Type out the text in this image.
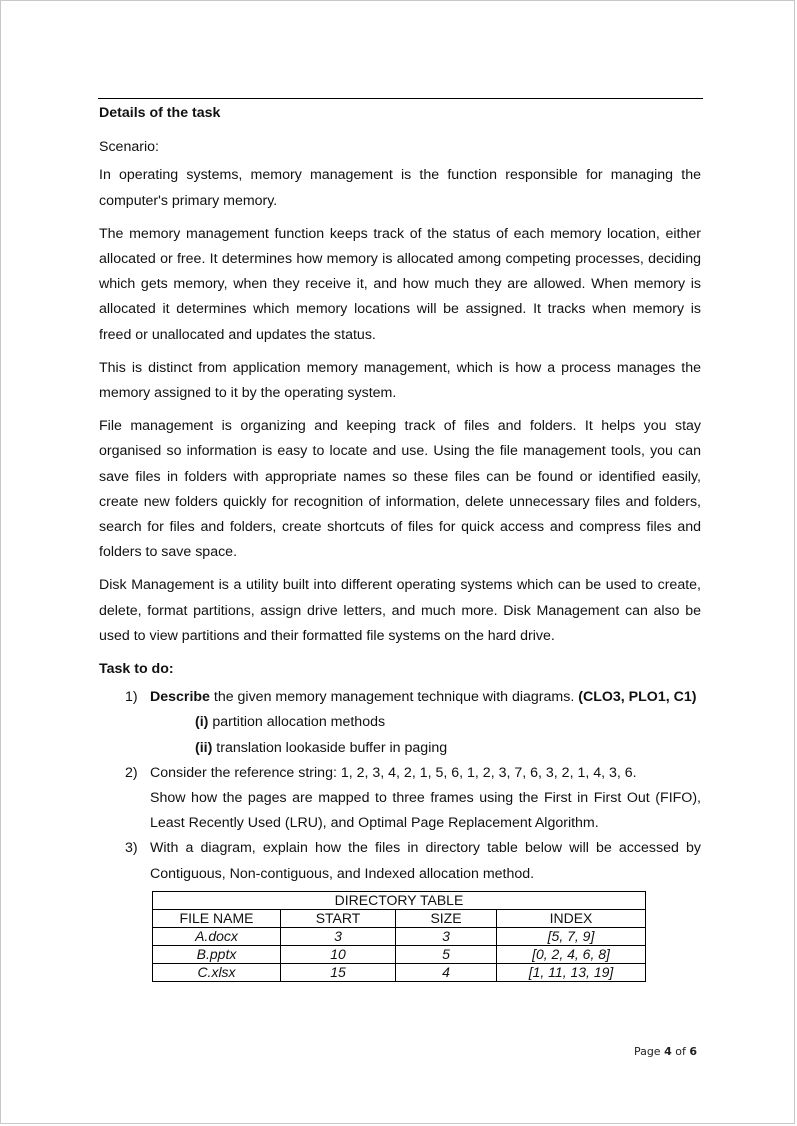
Details of the task

Scenario:

In operating systems, memory management is the function responsible for managing the computer's primary memory.

The memory management function keeps track of the status of each memory location, either allocated or free. It determines how memory is allocated among competing processes, deciding which gets memory, when they receive it, and how much they are allowed. When memory is allocated it determines which memory locations will be assigned. It tracks when memory is freed or unallocated and updates the status.

This is distinct from application memory management, which is how a process manages the memory assigned to it by the operating system.

File management is organizing and keeping track of files and folders. It helps you stay organised so information is easy to locate and use. Using the file management tools, you can save files in folders with appropriate names so these files can be found or identified easily, create new folders quickly for recognition of information, delete unnecessary files and folders, search for files and folders, create shortcuts of files for quick access and compress files and folders to save space.

Disk Management is a utility built into different operating systems which can be used to create, delete, format partitions, assign drive letters, and much more. Disk Management can also be used to view partitions and their formatted file systems on the hard drive.

Task to do:

1) Describe the given memory management technique with diagrams. (CLO3, PLO1, C1)
(i) partition allocation methods
(ii) translation lookaside buffer in paging
2) Consider the reference string: 1, 2, 3, 4, 2, 1, 5, 6, 1, 2, 3, 7, 6, 3, 2, 1, 4, 3, 6.
Show how the pages are mapped to three frames using the First in First Out (FIFO), Least Recently Used (LRU), and Optimal Page Replacement Algorithm.
3) With a diagram, explain how the files in directory table below will be accessed by Contiguous, Non-contiguous, and Indexed allocation method.
DIRECTORY TABLE			
FILE NAME	START	SIZE	INDEX
A.docx	3	3	[5, 7, 9]
B.pptx	10	5	[0, 2, 4, 6, 8]
C.xlsx	15	4	[1, 11, 13, 19]
Page 4 of 6
